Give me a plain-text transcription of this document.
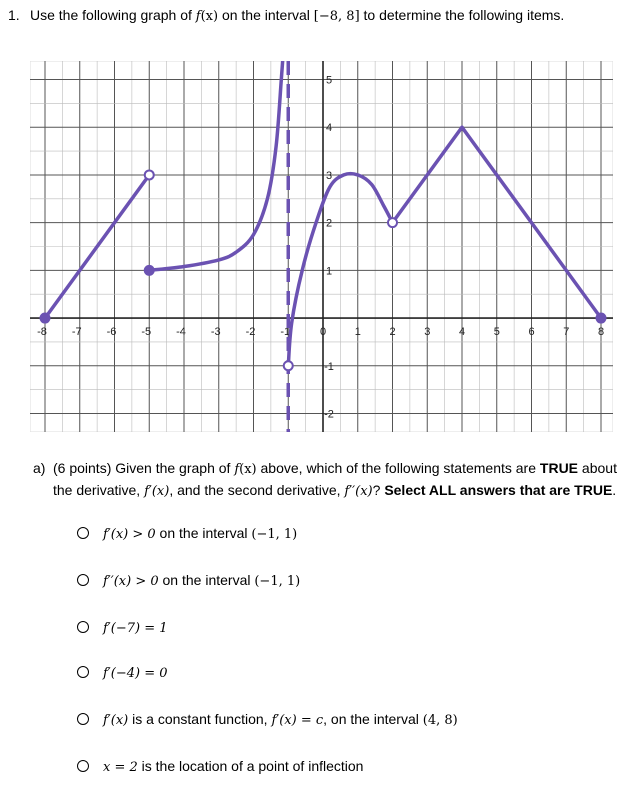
1. Use the following graph of f(x) on the interval [−8, 8] to determine the following items.
-8 -7 -6 -5 -4 -3 -2 -1	0	1	2	3	4	5	6	7	8
-2
-1
1
2
3
4
5
a) (6 points) Given the graph of f(x) above, which of the following statements are TRUE about the derivative, f′(x), and the second derivative, f′′(x)? Select ALL answers that are TRUE.
f′(x) > 0 on the interval (−1, 1)
f′′(x) > 0 on the interval (−1, 1)
f′(−7) = 1
f′(−4) = 0
f′(x) is a constant function, f′(x) = c, on the interval (4, 8)
x = 2 is the location of a point of inflection
